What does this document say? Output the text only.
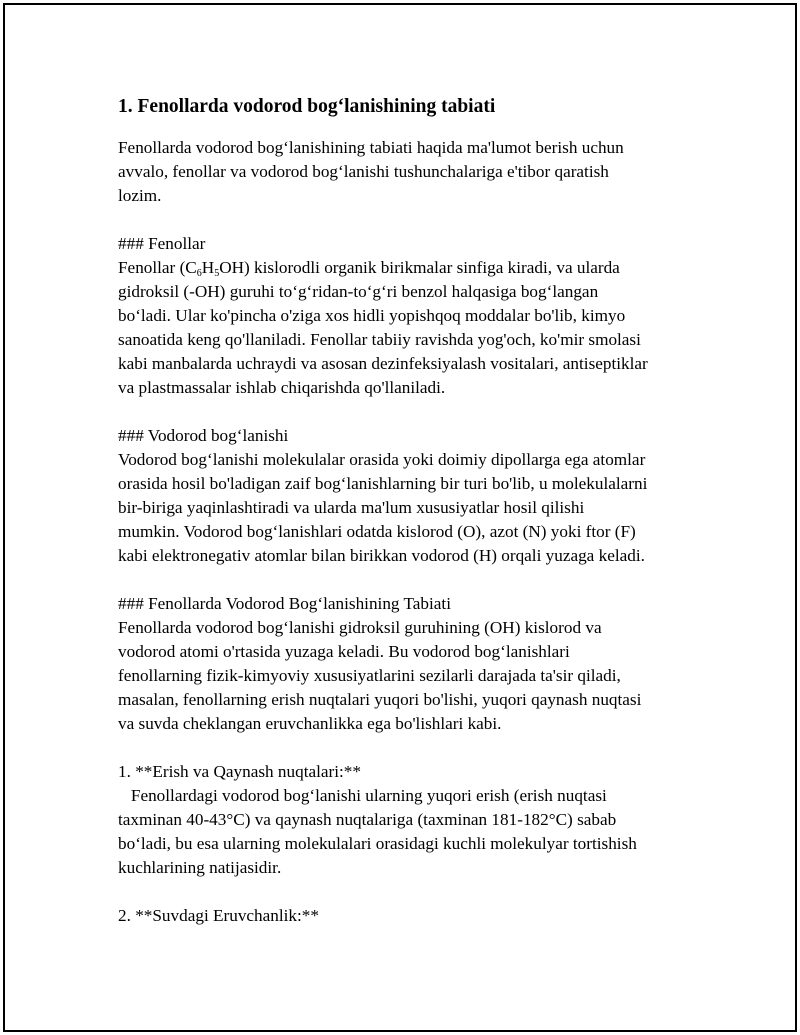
1. Fenollarda vodorod bog‘lanishining tabiati
Fenollarda vodorod bog‘lanishining tabiati haqida ma'lumot berish uchun
avvalo, fenollar va vodorod bog‘lanishi tushunchalariga e'tibor qaratish
lozim.
### Fenollar
Fenollar $(C_6H_5OH)$ kislorodli organik birikmalar sinfiga kiradi, va ularda
gidroksil (-OH) guruhi to‘g‘ridan-to‘g‘ri benzol halqasiga bog‘langan
bo‘ladi. Ular ko'pincha o'ziga xos hidli yopishqoq moddalar bo'lib, kimyo
sanoatida keng qo'llaniladi. Fenollar tabiiy ravishda yog'och, ko'mir smolasi
kabi manbalarda uchraydi va asosan dezinfeksiyalash vositalari, antiseptiklar
va plastmassalar ishlab chiqarishda qo'llaniladi.
### Vodorod bog‘lanishi
Vodorod bog‘lanishi molekulalar orasida yoki doimiy dipollarga ega atomlar
orasida hosil bo'ladigan zaif bog‘lanishlarning bir turi bo'lib, u molekulalarni
bir-biriga yaqinlashtiradi va ularda ma'lum xususiyatlar hosil qilishi
mumkin. Vodorod bog‘lanishlari odatda kislorod (O), azot (N) yoki ftor (F)
kabi elektronegativ atomlar bilan birikkan vodorod (H) orqali yuzaga keladi.
### Fenollarda Vodorod Bog‘lanishining Tabiati
Fenollarda vodorod bog‘lanishi gidroksil guruhining (OH) kislorod va
vodorod atomi o'rtasida yuzaga keladi. Bu vodorod bog‘lanishlari
fenollarning fizik-kimyoviy xususiyatlarini sezilarli darajada ta'sir qiladi,
masalan, fenollarning erish nuqtalari yuqori bo'lishi, yuqori qaynash nuqtasi
va suvda cheklangan eruvchanlikka ega bo'lishlari kabi.
1. **Erish va Qaynash nuqtalari:**
Fenollardagi vodorod bog‘lanishi ularning yuqori erish (erish nuqtasi
taxminan 40-43°C) va qaynash nuqtalariga (taxminan 181-182°C) sabab
bo‘ladi, bu esa ularning molekulalari orasidagi kuchli molekulyar tortishish
kuchlarining natijasidir.
2. **Suvdagi Eruvchanlik:**
